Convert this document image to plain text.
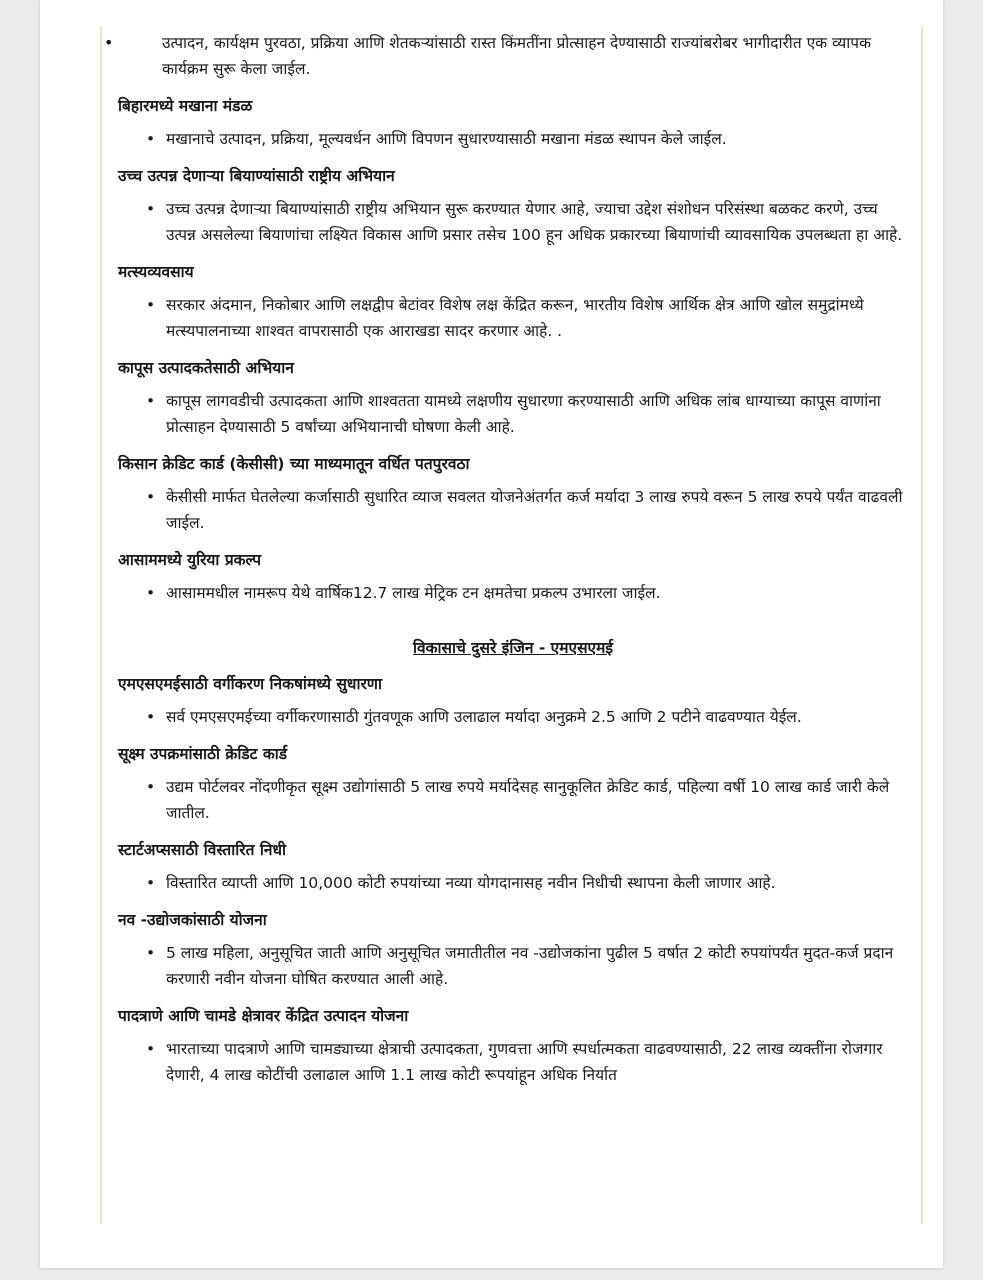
•	उत्पादन, कार्यक्षम पुरवठा, प्रक्रिया आणि शेतकऱ्यांसाठी रास्त किंमतींना प्रोत्साहन देण्यासाठी राज्यांबरोबर भागीदारीत एक व्यापक कार्यक्रम सुरू केला जाईल.

बिहारमध्ये मखाना मंडळ

• मखानाचे उत्पादन, प्रक्रिया, मूल्यवर्धन आणि विपणन सुधारण्यासाठी मखाना मंडळ स्थापन केले जाईल.

उच्च उत्पन्न देणाऱ्या बियाण्यांसाठी राष्ट्रीय अभियान

• उच्च उत्पन्न देणाऱ्या बियाण्यांसाठी राष्ट्रीय अभियान सुरू करण्यात येणार आहे, ज्याचा उद्देश संशोधन परिसंस्था बळकट करणे, उच्च उत्पन्न असलेल्या बियाणांचा लक्ष्यित विकास आणि प्रसार तसेच 100 हून अधिक प्रकारच्या बियाणांची व्यावसायिक उपलब्धता हा आहे.

मत्स्यव्यवसाय

• सरकार अंदमान, निकोबार आणि लक्षद्वीप बेटांवर विशेष लक्ष केंद्रित करून, भारतीय विशेष आर्थिक क्षेत्र आणि खोल समुद्रांमध्ये मत्स्यपालनाच्या शाश्वत वापरासाठी एक आराखडा सादर करणार आहे. .

कापूस उत्पादकतेसाठी अभियान

• कापूस लागवडीची उत्पादकता आणि शाश्वतता यामध्ये लक्षणीय सुधारणा करण्यासाठी आणि अधिक लांब धाग्याच्या कापूस वाणांना प्रोत्साहन देण्यासाठी 5 वर्षांच्या अभियानाची घोषणा केली आहे.

किसान क्रेडिट कार्ड (केसीसी) च्या माध्यमातून वर्धित पतपुरवठा

• केसीसी मार्फत घेतलेल्या कर्जासाठी सुधारित व्याज सवलत योजनेअंतर्गत कर्ज मर्यादा 3 लाख रुपये वरून 5 लाख रुपये पर्यंत वाढवली जाईल.

आसाममध्ये युरिया प्रकल्प

• आसाममधील नामरूप येथे वार्षिक12.7 लाख मेट्रिक टन क्षमतेचा प्रकल्प उभारला जाईल.

विकासाचे दुसरे इंजिन - एमएसएमई
एमएसएमईसाठी वर्गीकरण निकषांमध्ये सुधारणा

• सर्व एमएसएमईच्या वर्गीकरणासाठी गुंतवणूक आणि उलाढाल मर्यादा अनुक्रमे 2.5 आणि 2 पटीने वाढवण्यात येईल.

सूक्ष्म उपक्रमांसाठी क्रेडिट कार्ड

• उद्यम पोर्टलवर नोंदणीकृत सूक्ष्म उद्योगांसाठी 5 लाख रुपये मर्यादेसह सानुकूलित क्रेडिट कार्ड, पहिल्या वर्षी 10 लाख कार्ड जारी केले जातील.

स्टार्टअप्ससाठी विस्तारित निधी

• विस्तारित व्याप्ती आणि 10,000 कोटी रुपयांच्या नव्या योगदानासह नवीन निधीची स्थापना केली जाणार आहे.

नव -उद्योजकांसाठी योजना

• 5 लाख महिला, अनुसूचित जाती आणि अनुसूचित जमातीतील नव -उद्योजकांना पुढील 5 वर्षात 2 कोटी रुपयांपर्यंत मुदत-कर्ज प्रदान करणारी नवीन योजना घोषित करण्यात आली आहे.

पादत्राणे आणि चामडे क्षेत्रावर केंद्रित उत्पादन योजना

• भारताच्या पादत्राणे आणि चामड्याच्या क्षेत्राची उत्पादकता, गुणवत्ता आणि स्पर्धात्मकता वाढवण्यासाठी, 22 लाख व्यक्तींना रोजगार देणारी, 4 लाख कोटींची उलाढाल आणि 1.1 लाख कोटी रूपयांहून अधिक निर्यात
